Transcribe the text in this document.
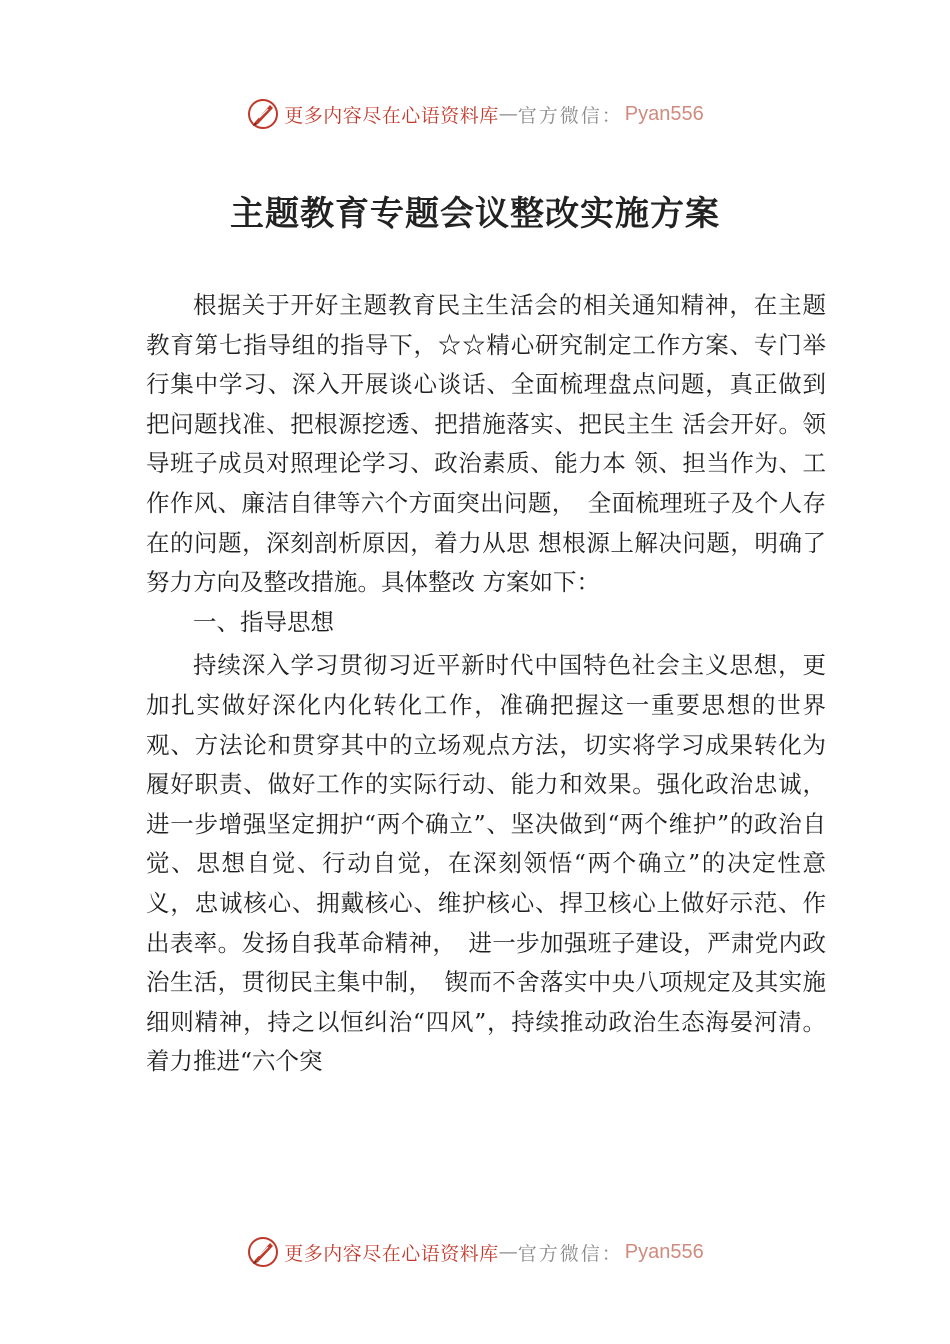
更多内容尽在心语资料库 — 官方微信： Pyan556
主题教育专题会议整改实施方案

根据关于开好主题教育民主生活会的相关通知精神，在主题教育第七指导组的指导下，☆☆精心研究制定工作方案、专门举行集中学习、深入开展谈心谈话、全面梳理盘点问题，真正做到把问题找准、把根源挖透、把措施落实、把民主生 活会开好。领导班子成员对照理论学习、政治素质、能力本 领、担当作为、工作作风、廉洁自律等六个方面突出问题，　全面梳理班子及个人存在的问题，深刻剖析原因，着力从思 想根源上解决问题，明确了努力方向及整改措施。具体整改 方案如下：

一、指导思想

持续深入学习贯彻习近平新时代中国特色社会主义思想，更加扎实做好深化内化转化工作，准确把握这一重要思想的世界观、方法论和贯穿其中的立场观点方法，切实将学习成果转化为履好职责、做好工作的实际行动、能力和效果。强化政治忠诚，进一步增强坚定拥护“两个确立”、坚决做到“两个维护”的政治自觉、思想自觉、行动自觉，在深刻领悟“两个确立”的决定性意义，忠诚核心、拥戴核心、维护核心、捍卫核心上做好示范、作出表率。发扬自我革命精神，　进一步加强班子建设，严肃党内政治生活，贯彻民主集中制，　锲而不舍落实中央八项规定及其实施细则精神，持之以恒纠治“四风”，持续推动政治生态海晏河清。着力推进“六个突

更多内容尽在心语资料库 — 官方微信： Pyan556
